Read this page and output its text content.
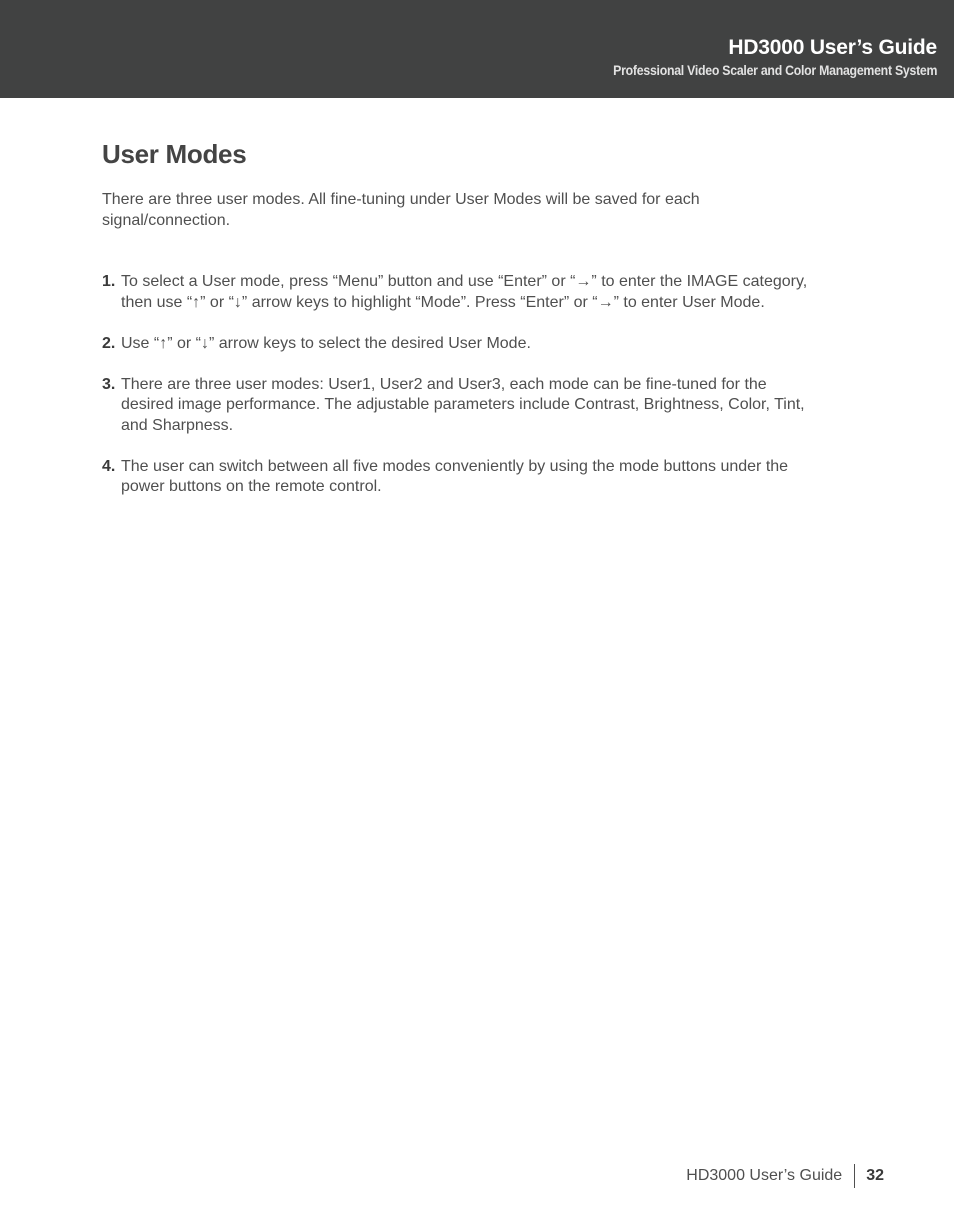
HD3000 User’s Guide
Professional Video Scaler and Color Management System
User Modes

There are three user modes. All fine-tuning under User Modes will be saved for each signal/connection.

1. To select a User mode, press “Menu” button and use “Enter” or “→” to enter the IMAGE category, then use “↑” or “↓” arrow keys to highlight “Mode”. Press “Enter” or “→” to enter User Mode.
2. Use “↑” or “↓” arrow keys to select the desired User Mode.
3. There are three user modes: User1, User2 and User3, each mode can be fine-tuned for the desired image performance. The adjustable parameters include Contrast, Brightness, Color, Tint, and Sharpness.
4. The user can switch between all five modes conveniently by using the mode buttons under the power buttons on the remote control.
HD3000 User’s Guide 32
